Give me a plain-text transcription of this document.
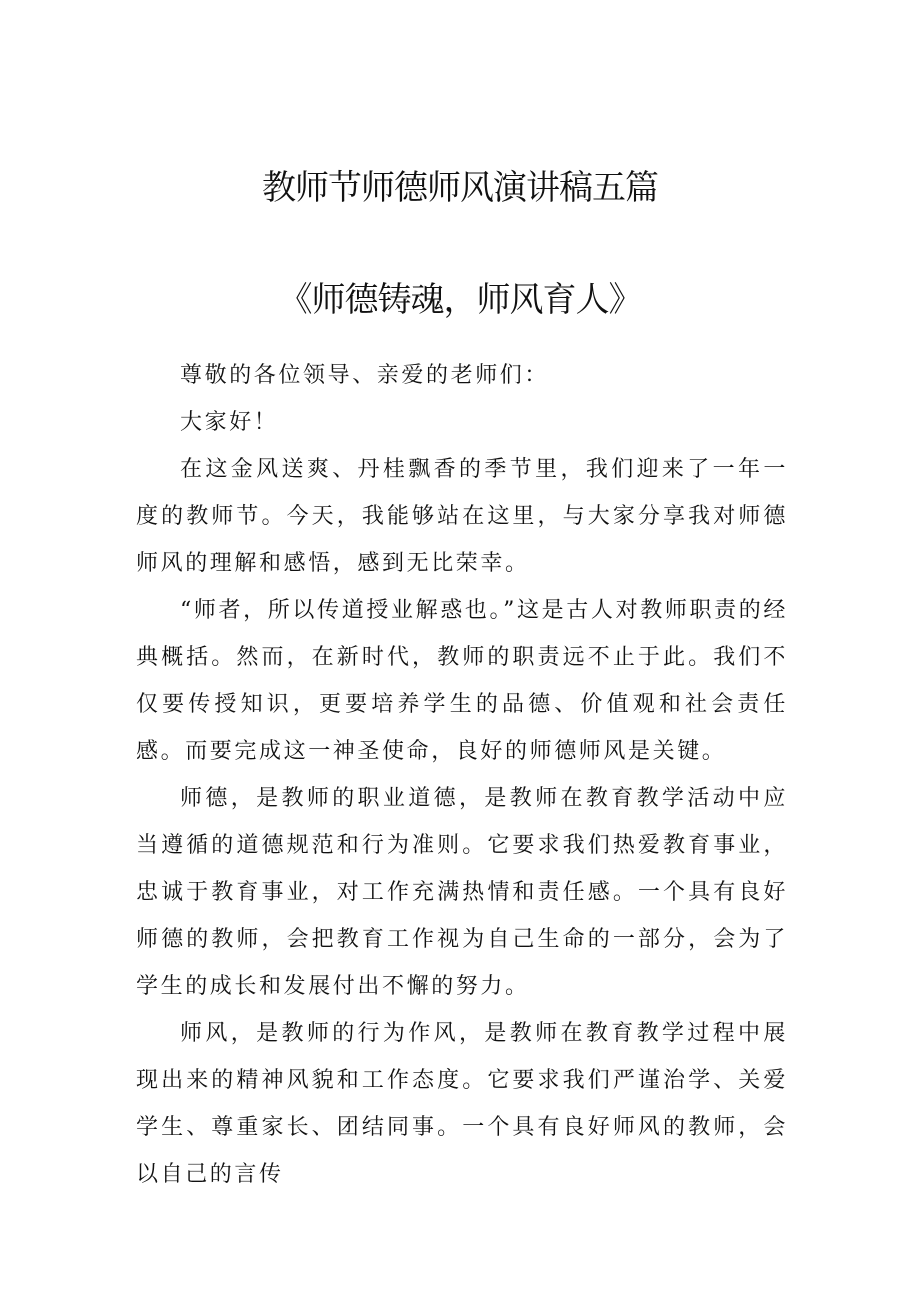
教师节师德师风演讲稿五篇
《师德铸魂，师风育人》

尊敬的各位领导、亲爱的老师们：

大家好！

在这金风送爽、丹桂飘香的季节里，我们迎来了一年一度的教师节。今天，我能够站在这里，与大家分享我对师德师风的理解和感悟，感到无比荣幸。

“师者，所以传道授业解惑也。”这是古人对教师职责的经典概括。然而，在新时代，教师的职责远不止于此。我们不仅要传授知识，更要培养学生的品德、价值观和社会责任感。而要完成这一神圣使命，良好的师德师风是关键。

师德，是教师的职业道德，是教师在教育教学活动中应当遵循的道德规范和行为准则。它要求我们热爱教育事业，忠诚于教育事业，对工作充满热情和责任感。一个具有良好师德的教师，会把教育工作视为自己生命的一部分，会为了学生的成长和发展付出不懈的努力。

师风，是教师的行为作风，是教师在教育教学过程中展现出来的精神风貌和工作态度。它要求我们严谨治学、关爱学生、尊重家长、团结同事。一个具有良好师风的教师，会以自己的言传
